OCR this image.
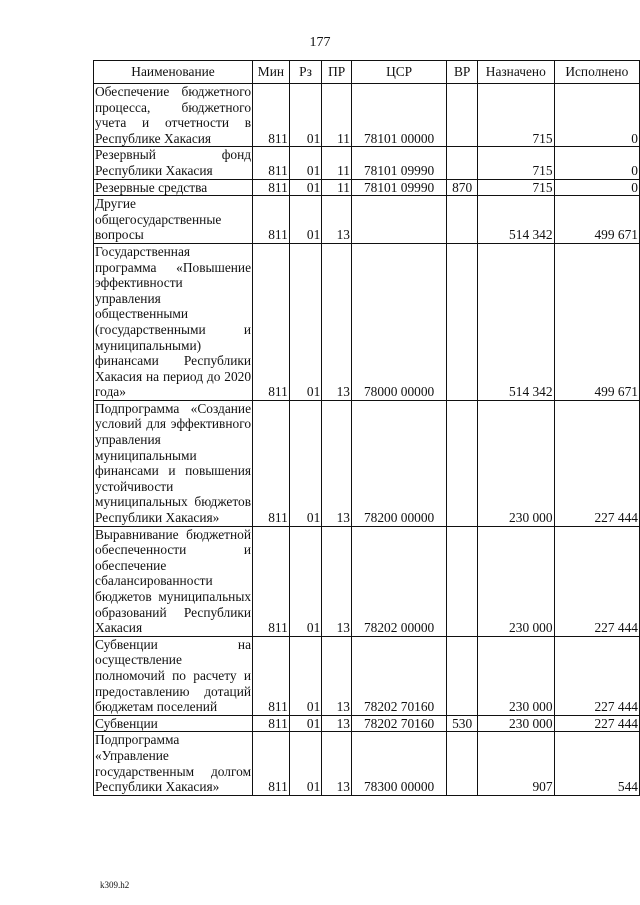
177
Наименование	Мин	Рз	ПР	ЦСР	ВР	Назначено	Исполнено
Обеспечение бюджетного процесса, бюджетного учета и отчетности в Республике Хакасия	811	01	11	78101 00000		715	0
Резервный фонд Республики Хакасия	811	01	11	78101 09990		715	0
Резервные средства	811	01	11	78101 09990	870	715	0
Другие общегосударственные вопросы	811	01	13			514 342	499 671
Государственная программа «Повышение эффективности управления общественными (государственными и муниципальными) финансами Республики Хакасия на период до 2020 года»	811	01	13	78000 00000		514 342	499 671
Подпрограмма «Создание условий для эффективного управления муниципальными финансами и повышения устойчивости муниципальных бюджетов Республики Хакасия»	811	01	13	78200 00000		230 000	227 444
Выравнивание бюджетной обеспеченности и обеспечение сбалансированности бюджетов муниципальных образований Республики Хакасия	811	01	13	78202 00000		230 000	227 444
Субвенции на осуществление полномочий по расчету и предоставлению дотаций бюджетам поселений	811	01	13	78202 70160		230 000	227 444
Субвенции	811	01	13	78202 70160	530	230 000	227 444
Подпрограмма «Управление государственным долгом Республики Хакасия»	811	01	13	78300 00000		907	544
k309.h2
